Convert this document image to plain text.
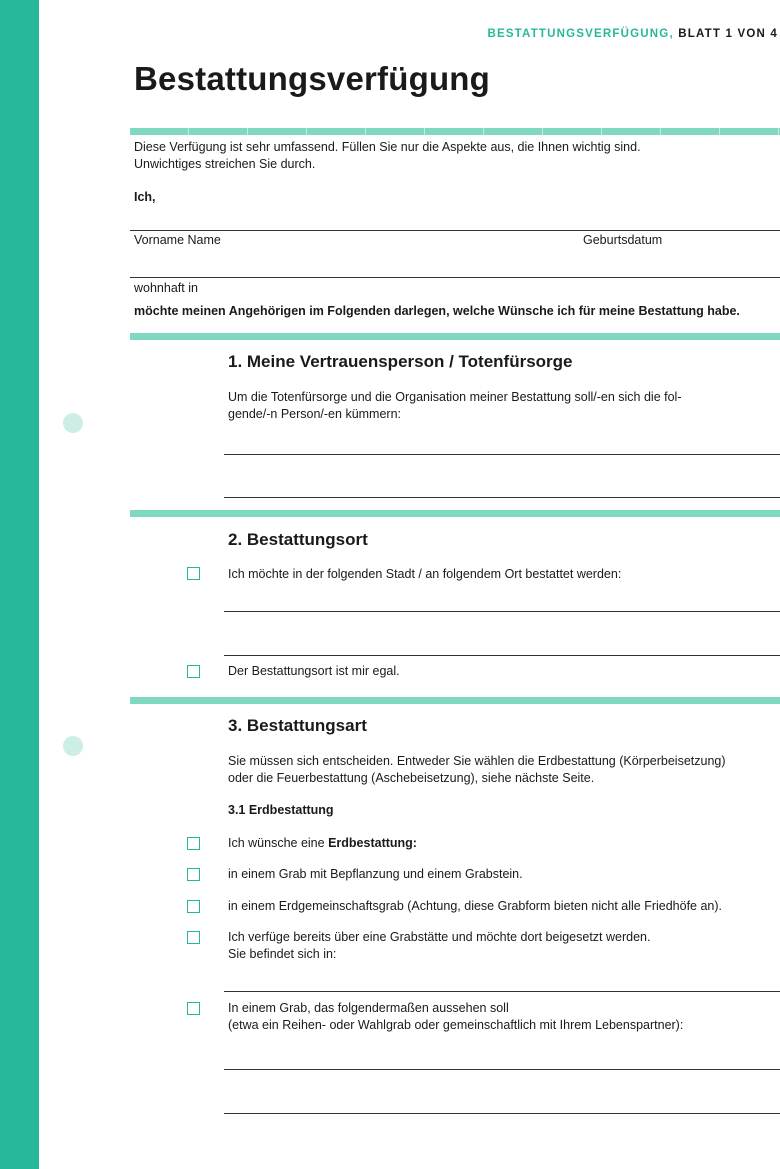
BESTATTUNGSVERFÜGUNG, BLATT 1 VON 4
Bestattungsverfügung
Diese Verfügung ist sehr umfassend. Füllen Sie nur die Aspekte aus, die Ihnen wichtig sind.
Unwichtiges streichen Sie durch.
Ich,
Vorname Name	Geburtsdatum
wohnhaft in
möchte meinen Angehörigen im Folgenden darlegen, welche Wünsche ich für meine Bestattung habe.
1. Meine Vertrauensperson / Totenfürsorge
Um die Totenfürsorge und die Organisation meiner Bestattung soll/-en sich die fol-
gende/-n Person/-en kümmern:
2. Bestattungsort
Ich möchte in der folgenden Stadt / an folgendem Ort bestattet werden:
Der Bestattungsort ist mir egal.
3. Bestattungsart
Sie müssen sich entscheiden. Entweder Sie wählen die Erdbestattung (Körperbeisetzung)
oder die Feuerbestattung (Aschebeisetzung), siehe nächste Seite.
3.1 Erdbestattung
Ich wünsche eine Erdbestattung:
in einem Grab mit Bepflanzung und einem Grabstein.
in einem Erdgemeinschaftsgrab (Achtung, diese Grabform bieten nicht alle Friedhöfe an).
Ich verfüge bereits über eine Grabstätte und möchte dort beigesetzt werden.
Sie befindet sich in:
In einem Grab, das folgendermaßen aussehen soll
(etwa ein Reihen- oder Wahlgrab oder gemeinschaftlich mit Ihrem Lebenspartner):
